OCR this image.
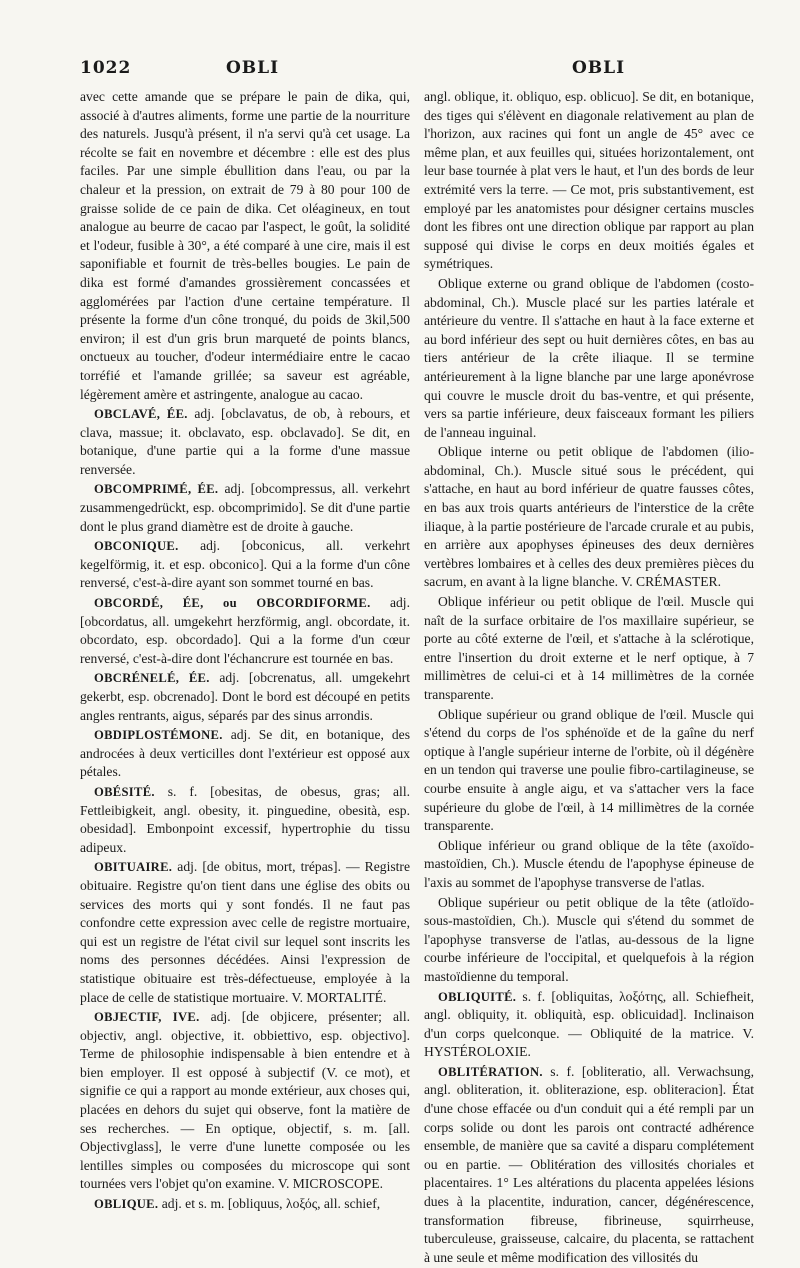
1022	OBLI	OBLI

avec cette amande que se prépare le pain de dika, qui, associé à d'autres aliments, forme une partie de la nourriture des naturels. Jusqu'à présent, il n'a servi qu'à cet usage. La récolte se fait en novembre et décembre : elle est des plus faciles. Par une simple ébullition dans l'eau, ou par la chaleur et la pression, on extrait de 79 à 80 pour 100 de graisse solide de ce pain de dika. Cet oléagineux, en tout analogue au beurre de cacao par l'aspect, le goût, la solidité et l'odeur, fusible à 30°, a été comparé à une cire, mais il est saponifiable et fournit de très-belles bougies. Le pain de dika est formé d'amandes grossièrement concassées et agglomérées par l'action d'une certaine température. Il présente la forme d'un cône tronqué, du poids de 3kil,500 environ; il est d'un gris brun marqueté de points blancs, onctueux au toucher, d'odeur intermédiaire entre le cacao torréfié et l'amande grillée; sa saveur est agréable, légèrement amère et astringente, analogue au cacao.

OBCLAVÉ, ÉE. adj. [obclavatus, de ob, à rebours, et clava, massue; it. obclavato, esp. obclavado]. Se dit, en botanique, d'une partie qui a la forme d'une massue renversée.

OBCOMPRIMÉ, ÉE. adj. [obcompressus, all. verkehrt zusammengedrückt, esp. obcomprimido]. Se dit d'une partie dont le plus grand diamètre est de droite à gauche.

OBCONIQUE. adj. [obconicus, all. verkehrt kegelförmig, it. et esp. obconico]. Qui a la forme d'un cône renversé, c'est-à-dire ayant son sommet tourné en bas.

OBCORDÉ, ÉE, ou OBCORDIFORME. adj. [obcordatus, all. umgekehrt herzförmig, angl. obcordate, it. obcordato, esp. obcordado]. Qui a la forme d'un cœur renversé, c'est-à-dire dont l'échancrure est tournée en bas.

OBCRÉNELÉ, ÉE. adj. [obcrenatus, all. umgekehrt gekerbt, esp. obcrenado]. Dont le bord est découpé en petits angles rentrants, aigus, séparés par des sinus arrondis.

OBDIPLOSTÉMONE. adj. Se dit, en botanique, des androcées à deux verticilles dont l'extérieur est opposé aux pétales.

OBÉSITÉ. s. f. [obesitas, de obesus, gras; all. Fettleibigkeit, angl. obesity, it. pinguedine, obesità, esp. obesidad]. Embonpoint excessif, hypertrophie du tissu adipeux.

OBITUAIRE. adj. [de obitus, mort, trépas]. — Registre obituaire. Registre qu'on tient dans une église des obits ou services des morts qui y sont fondés. Il ne faut pas confondre cette expression avec celle de registre mortuaire, qui est un registre de l'état civil sur lequel sont inscrits les noms des personnes décédées. Ainsi l'expression de statistique obituaire est très-défectueuse, employée à la place de celle de statistique mortuaire. V. MORTALITÉ.

OBJECTIF, IVE. adj. [de objicere, présenter; all. objectiv, angl. objective, it. obbiettivo, esp. objectivo]. Terme de philosophie indispensable à bien entendre et à bien employer. Il est opposé à subjectif (V. ce mot), et signifie ce qui a rapport au monde extérieur, aux choses qui, placées en dehors du sujet qui observe, font la matière de ses recherches. — En optique, objectif, s. m. [all. Objectivglass], le verre d'une lunette composée ou les lentilles simples ou composées du microscope qui sont tournées vers l'objet qu'on examine. V. MICROSCOPE.

OBLIQUE. adj. et s. m. [obliquus, λοξός, all. schief,

angl. oblique, it. obliquo, esp. oblicuo]. Se dit, en botanique, des tiges qui s'élèvent en diagonale relativement au plan de l'horizon, aux racines qui font un angle de 45° avec ce même plan, et aux feuilles qui, situées horizontalement, ont leur base tournée à plat vers le haut, et l'un des bords de leur extrémité vers la terre. — Ce mot, pris substantivement, est employé par les anatomistes pour désigner certains muscles dont les fibres ont une direction oblique par rapport au plan supposé qui divise le corps en deux moitiés égales et symétriques.

Oblique externe ou grand oblique de l'abdomen (costo-abdominal, Ch.). Muscle placé sur les parties latérale et antérieure du ventre. Il s'attache en haut à la face externe et au bord inférieur des sept ou huit dernières côtes, en bas au tiers antérieur de la crête iliaque. Il se termine antérieurement à la ligne blanche par une large aponévrose qui couvre le muscle droit du bas-ventre, et qui présente, vers sa partie inférieure, deux faisceaux formant les piliers de l'anneau inguinal.

Oblique interne ou petit oblique de l'abdomen (ilio-abdominal, Ch.). Muscle situé sous le précédent, qui s'attache, en haut au bord inférieur de quatre fausses côtes, en bas aux trois quarts antérieurs de l'interstice de la crête iliaque, à la partie postérieure de l'arcade crurale et au pubis, en arrière aux apophyses épineuses des deux dernières vertèbres lombaires et à celles des deux premières pièces du sacrum, en avant à la ligne blanche. V. CRÉMASTER.

Oblique inférieur ou petit oblique de l'œil. Muscle qui naît de la surface orbitaire de l'os maxillaire supérieur, se porte au côté externe de l'œil, et s'attache à la sclérotique, entre l'insertion du droit externe et le nerf optique, à 7 millimètres de celui-ci et à 14 millimètres de la cornée transparente.

Oblique supérieur ou grand oblique de l'œil. Muscle qui s'étend du corps de l'os sphénoïde et de la gaîne du nerf optique à l'angle supérieur interne de l'orbite, où il dégénère en un tendon qui traverse une poulie fibro-cartilagineuse, se courbe ensuite à angle aigu, et va s'attacher vers la face supérieure du globe de l'œil, à 14 millimètres de la cornée transparente.

Oblique inférieur ou grand oblique de la tête (axoïdo-mastoïdien, Ch.). Muscle étendu de l'apophyse épineuse de l'axis au sommet de l'apophyse transverse de l'atlas.

Oblique supérieur ou petit oblique de la tête (atloïdo-sous-mastoïdien, Ch.). Muscle qui s'étend du sommet de l'apophyse transverse de l'atlas, au-dessous de la ligne courbe inférieure de l'occipital, et quelquefois à la région mastoïdienne du temporal.

OBLIQUITÉ. s. f. [obliquitas, λοξότης, all. Schiefheit, angl. obliquity, it. obliquità, esp. oblicuidad]. Inclinaison d'un corps quelconque. — Obliquité de la matrice. V. HYSTÉROLOXIE.

OBLITÉRATION. s. f. [obliteratio, all. Verwachsung, angl. obliteration, it. obliterazione, esp. obliteracion]. État d'une chose effacée ou d'un conduit qui a été rempli par un corps solide ou dont les parois ont contracté adhérence ensemble, de manière que sa cavité a disparu complétement ou en partie. — Oblitération des villosités choriales et placentaires. 1° Les altérations du placenta appelées lésions dues à la placentite, induration, cancer, dégénérescence, transformation fibreuse, fibrineuse, squirrheuse, tuberculeuse, graisseuse, calcaire, du placenta, se rattachent à une seule et même modification des villosités du
